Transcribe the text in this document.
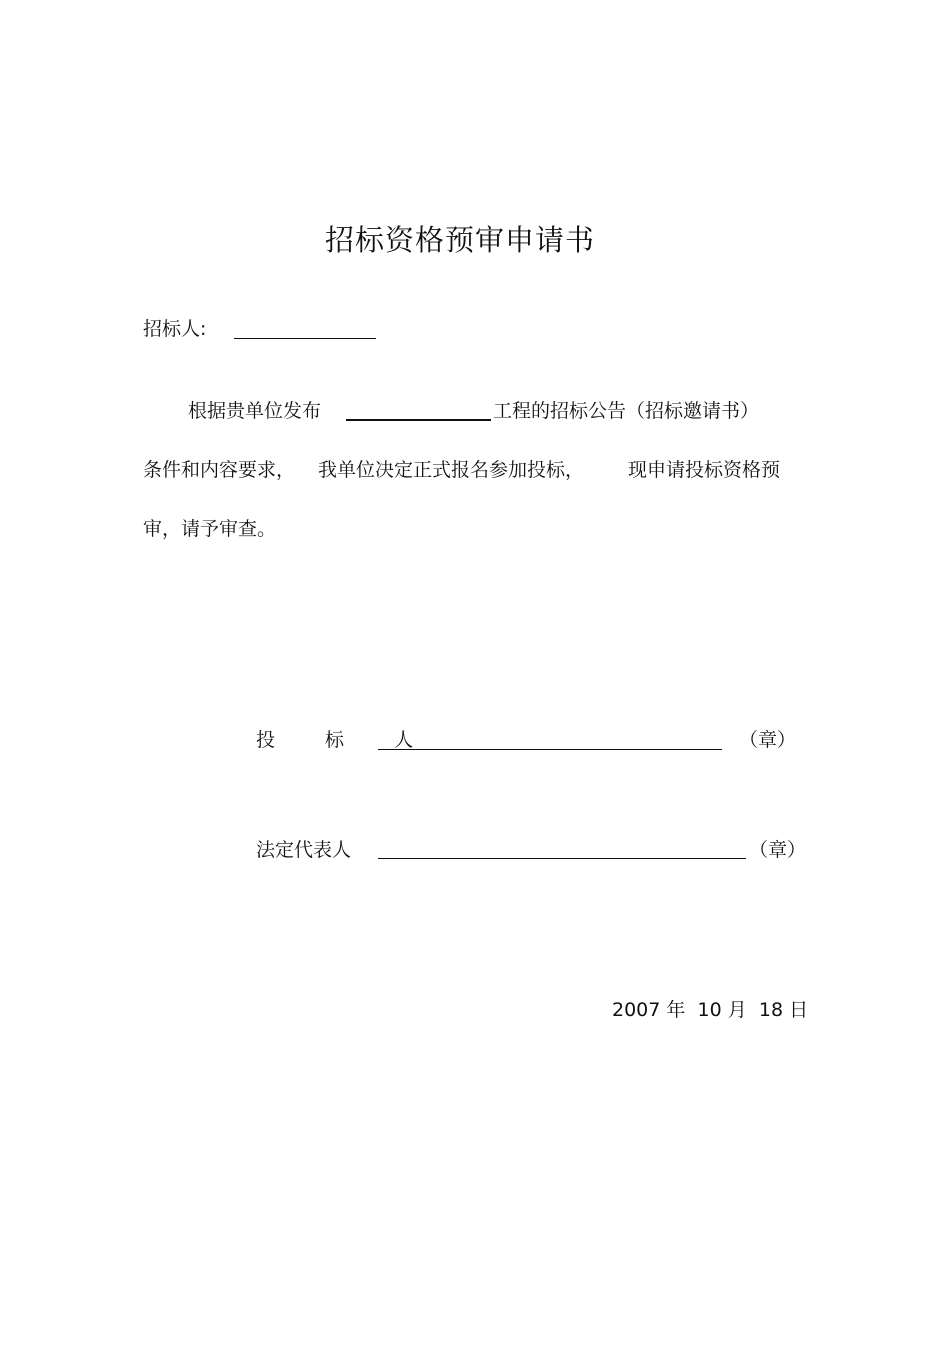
招标资格预审申请书
招标人:
根据贵单位发布	工程的招标公告（招标邀请书）
条件和内容要求， 我单位决定正式报名参加投标， 现申请投标资格预
审，请予审查。
投 标 人	（章）
法定代表人	（章）
2007 年 10 月 18 日
